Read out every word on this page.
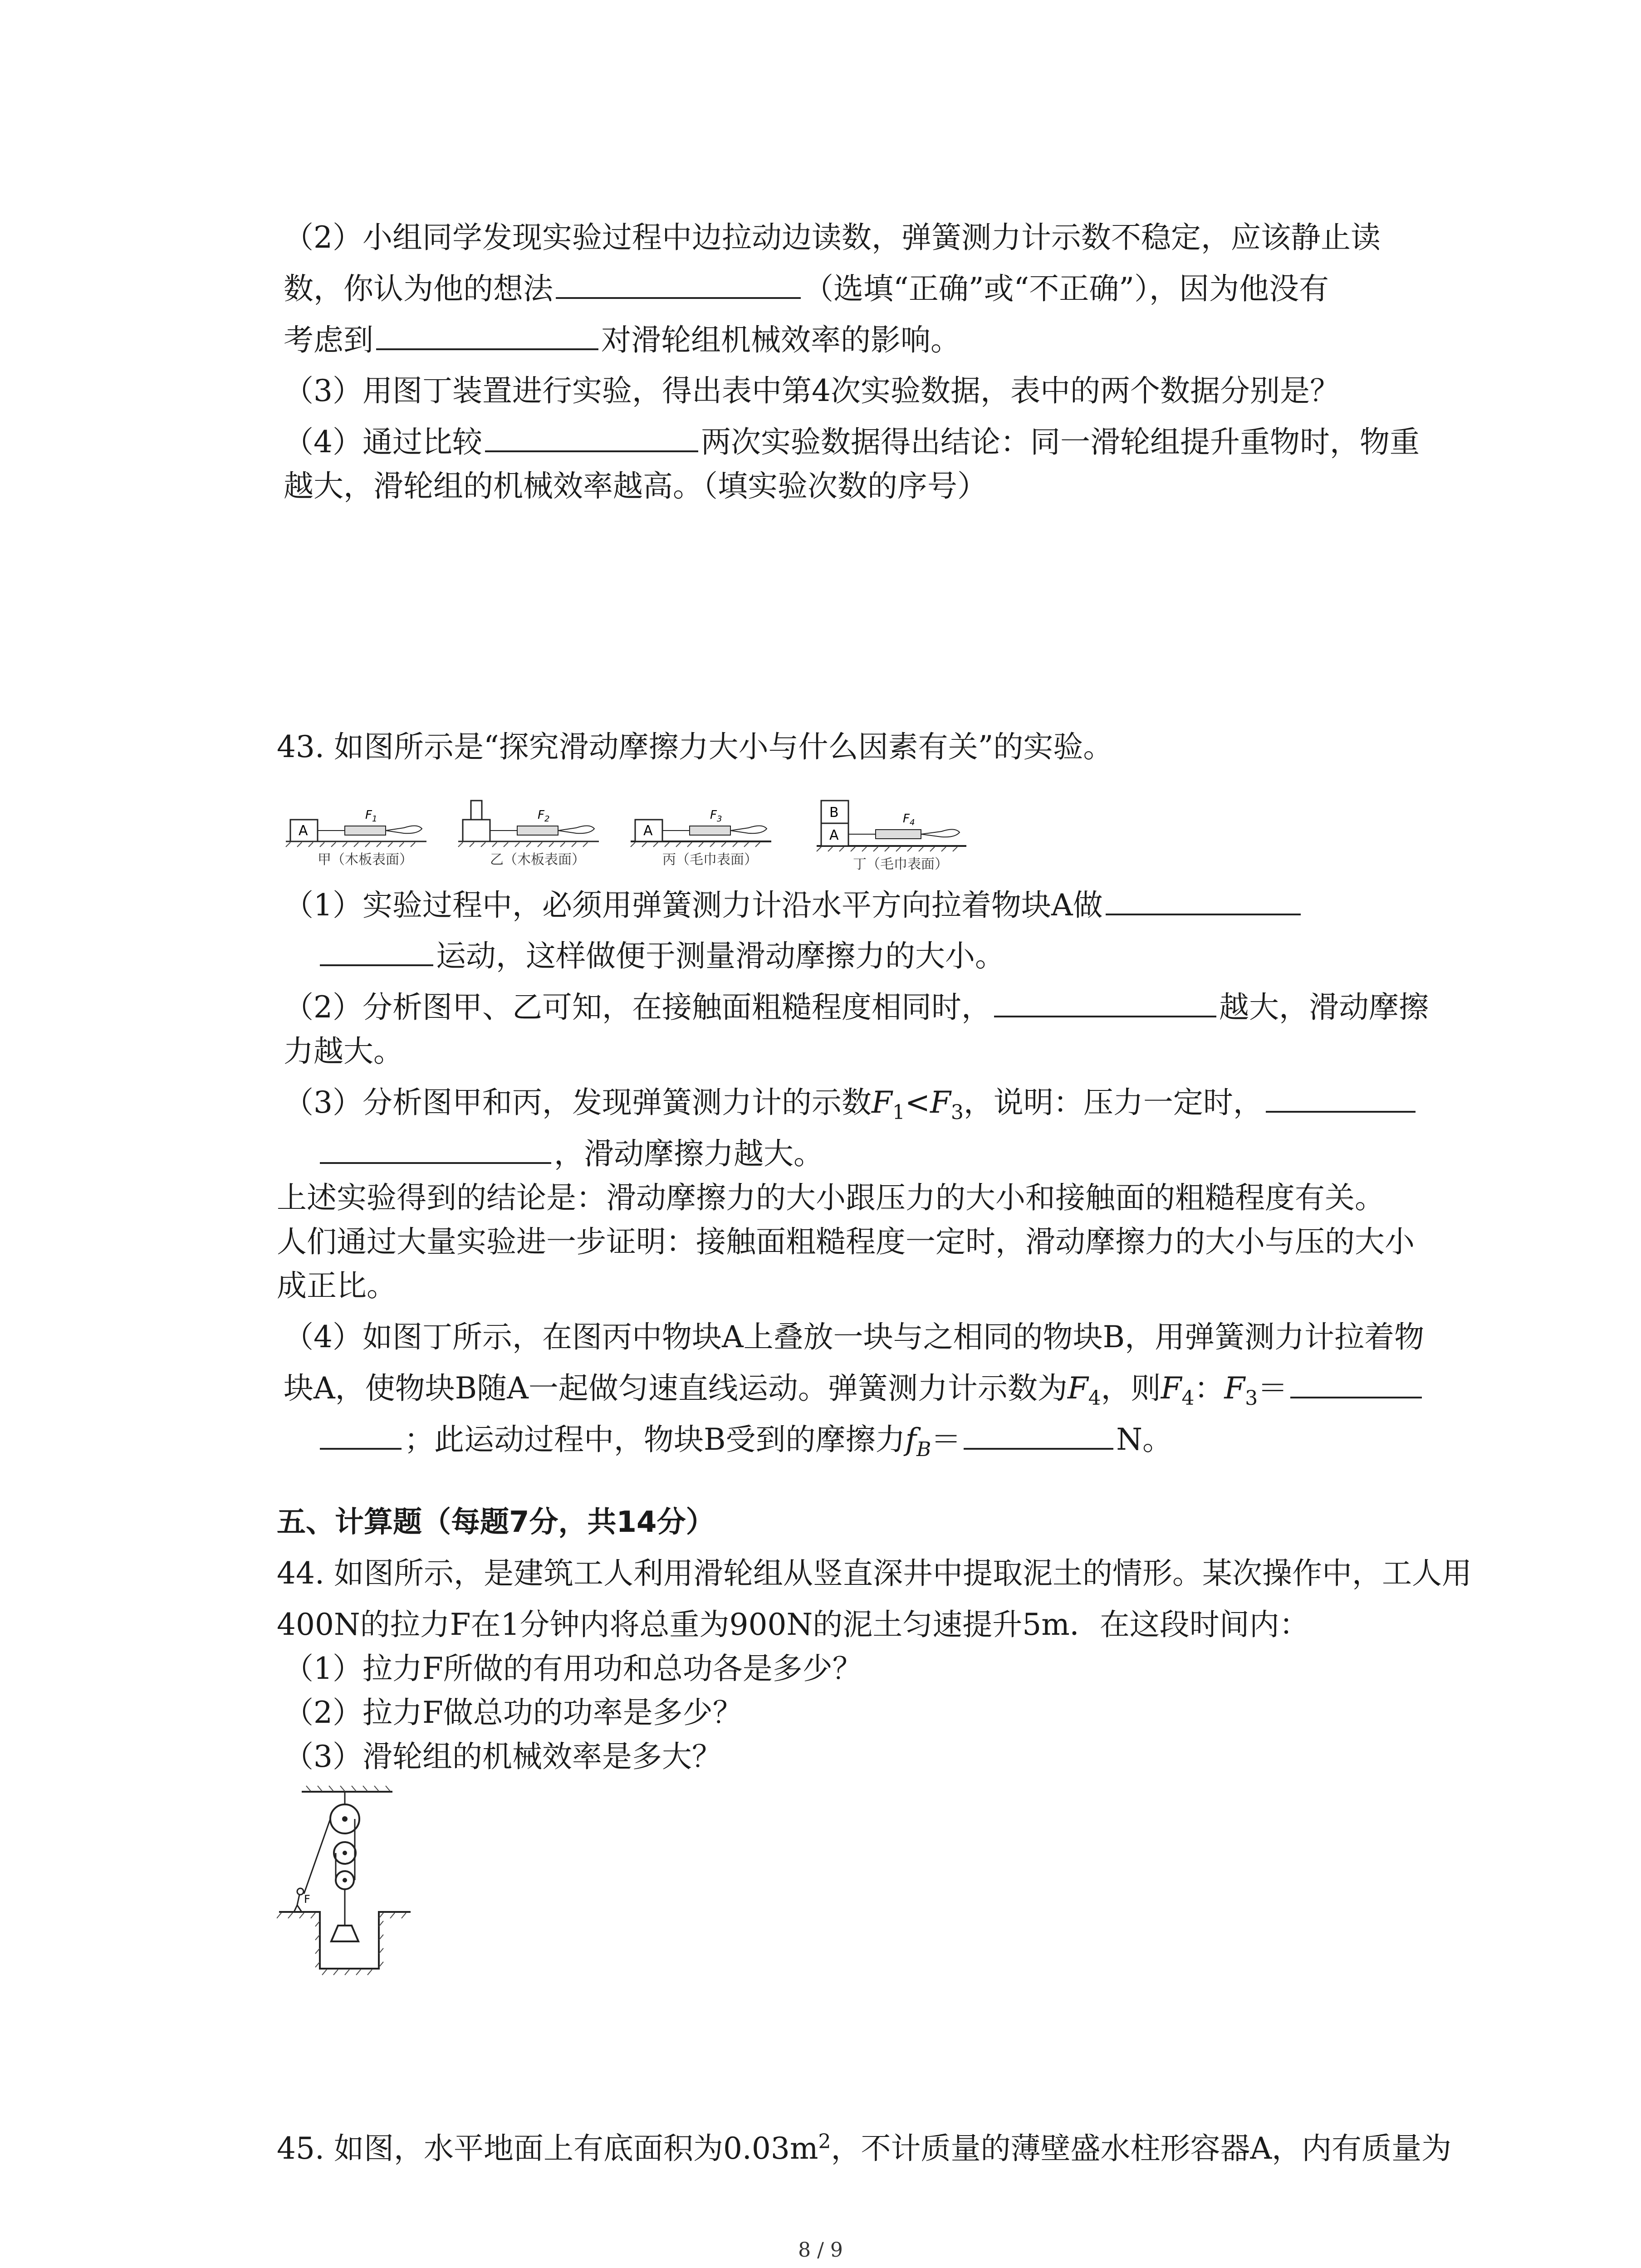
（2）小组同学发现实验过程中边拉动边读数，弹簧测力计示数不稳定，应该静止读
数，你认为他的想法	（选填“正确”或“不正确”），因为他没有
考虑到	对滑轮组机械效率的影响。
（3）用图丁装置进行实验，得出表中第4次实验数据，表中的两个数据分别是？
（4）通过比较	两次实验数据得出结论：同一滑轮组提升重物时，物重
越大，滑轮组的机械效率越高。（填实验次数的序号）
43. 如图所示是“探究滑动摩擦力大小与什么因素有关”的实验。
A
$F_1$
甲（木板表面）
$F_2$
乙（木板表面）
A
$F_3$
丙（毛巾表面）
B
A
$F_4$
丁（毛巾表面）
（1）实验过程中，必须用弹簧测力计沿水平方向拉着物块A做
运动，这样做便于测量滑动摩擦力的大小。
（2）分析图甲、乙可知，在接触面粗糙程度相同时，	越大，滑动摩擦
力越大。
（3）分析图甲和丙，发现弹簧测力计的示数$F_1<F_3$，说明：压力一定时，
，滑动摩擦力越大。
上述实验得到的结论是：滑动摩擦力的大小跟压力的大小和接触面的粗糙程度有关。
人们通过大量实验进一步证明：接触面粗糙程度一定时，滑动摩擦力的大小与压的大小
成正比。
（4）如图丁所示，在图丙中物块A上叠放一块与之相同的物块B，用弹簧测力计拉着物
块A，使物块B随A一起做匀速直线运动。弹簧测力计示数为$F_4$，则$F_4$：$F_3=$
；此运动过程中，物块B受到的摩擦力$f_B=$	N。
五、计算题（每题7分，共14分）
44. 如图所示，是建筑工人利用滑轮组从竖直深井中提取泥土的情形。某次操作中，工人用
400N的拉力F在1分钟内将总重为900N的泥土匀速提升5m．在这段时间内：
（1）拉力F所做的有用功和总功各是多少？
（2）拉力F做总功的功率是多少？
（3）滑轮组的机械效率是多大？
F
45. 如图，水平地面上有底面积为$0.03m^2$，不计质量的薄壁盛水柱形容器A，内有质量为
8 / 9
